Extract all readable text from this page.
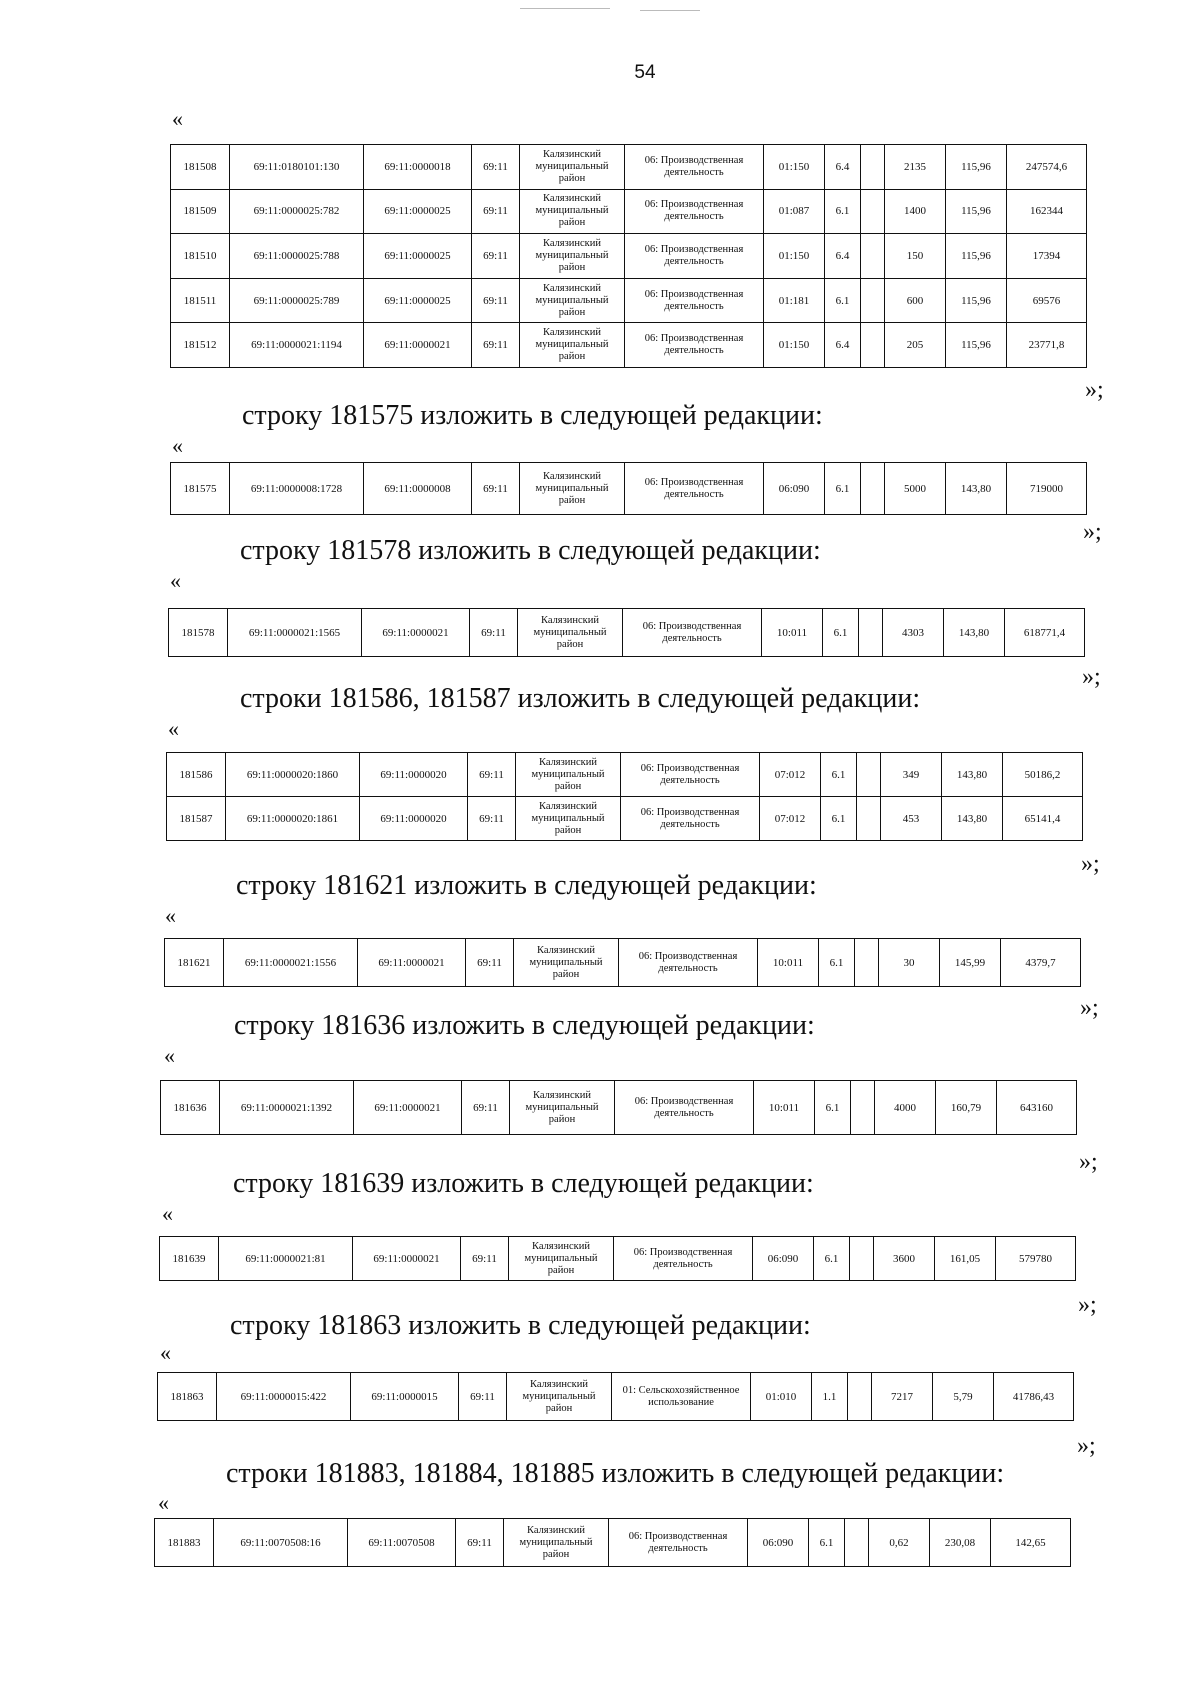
54
«
181508	69:11:0180101:130	69:11:0000018	69:11	Калязинский муниципальный район	06: Производственная деятельность	01:150	6.4		2135	115,96	247574,6
181509	69:11:0000025:782	69:11:0000025	69:11	Калязинский муниципальный район	06: Производственная деятельность	01:087	6.1		1400	115,96	162344
181510	69:11:0000025:788	69:11:0000025	69:11	Калязинский муниципальный район	06: Производственная деятельность	01:150	6.4		150	115,96	17394
181511	69:11:0000025:789	69:11:0000025	69:11	Калязинский муниципальный район	06: Производственная деятельность	01:181	6.1		600	115,96	69576
181512	69:11:0000021:1194	69:11:0000021	69:11	Калязинский муниципальный район	06: Производственная деятельность	01:150	6.4		205	115,96	23771,8
»;
строку 181575 изложить в следующей редакции:
«
181575	69:11:0000008:1728	69:11:0000008	69:11	Калязинский муниципальный район	06: Производственная деятельность	06:090	6.1		5000	143,80	719000
»;
строку 181578 изложить в следующей редакции:
«
181578	69:11:0000021:1565	69:11:0000021	69:11	Калязинский муниципальный район	06: Производственная деятельность	10:011	6.1		4303	143,80	618771,4
»;
строки 181586, 181587 изложить в следующей редакции:
«
181586	69:11:0000020:1860	69:11:0000020	69:11	Калязинский муниципальный район	06: Производственная деятельность	07:012	6.1		349	143,80	50186,2
181587	69:11:0000020:1861	69:11:0000020	69:11	Калязинский муниципальный район	06: Производственная деятельность	07:012	6.1		453	143,80	65141,4
»;
строку 181621 изложить в следующей редакции:
«
181621	69:11:0000021:1556	69:11:0000021	69:11	Калязинский муниципальный район	06: Производственная деятельность	10:011	6.1		30	145,99	4379,7
»;
строку 181636 изложить в следующей редакции:
«
181636	69:11:0000021:1392	69:11:0000021	69:11	Калязинский муниципальный район	06: Производственная деятельность	10:011	6.1		4000	160,79	643160
»;
строку 181639 изложить в следующей редакции:
«
181639	69:11:0000021:81	69:11:0000021	69:11	Калязинский муниципальный район	06: Производственная деятельность	06:090	6.1		3600	161,05	579780
»;
строку 181863 изложить в следующей редакции:
«
181863	69:11:0000015:422	69:11:0000015	69:11	Калязинский муниципальный район	01: Сельскохозяйственное использование	01:010	1.1		7217	5,79	41786,43
»;
строки 181883, 181884, 181885 изложить в следующей редакции:
«
181883	69:11:0070508:16	69:11:0070508	69:11	Калязинский муниципальный район	06: Производственная деятельность	06:090	6.1		0,62	230,08	142,65
